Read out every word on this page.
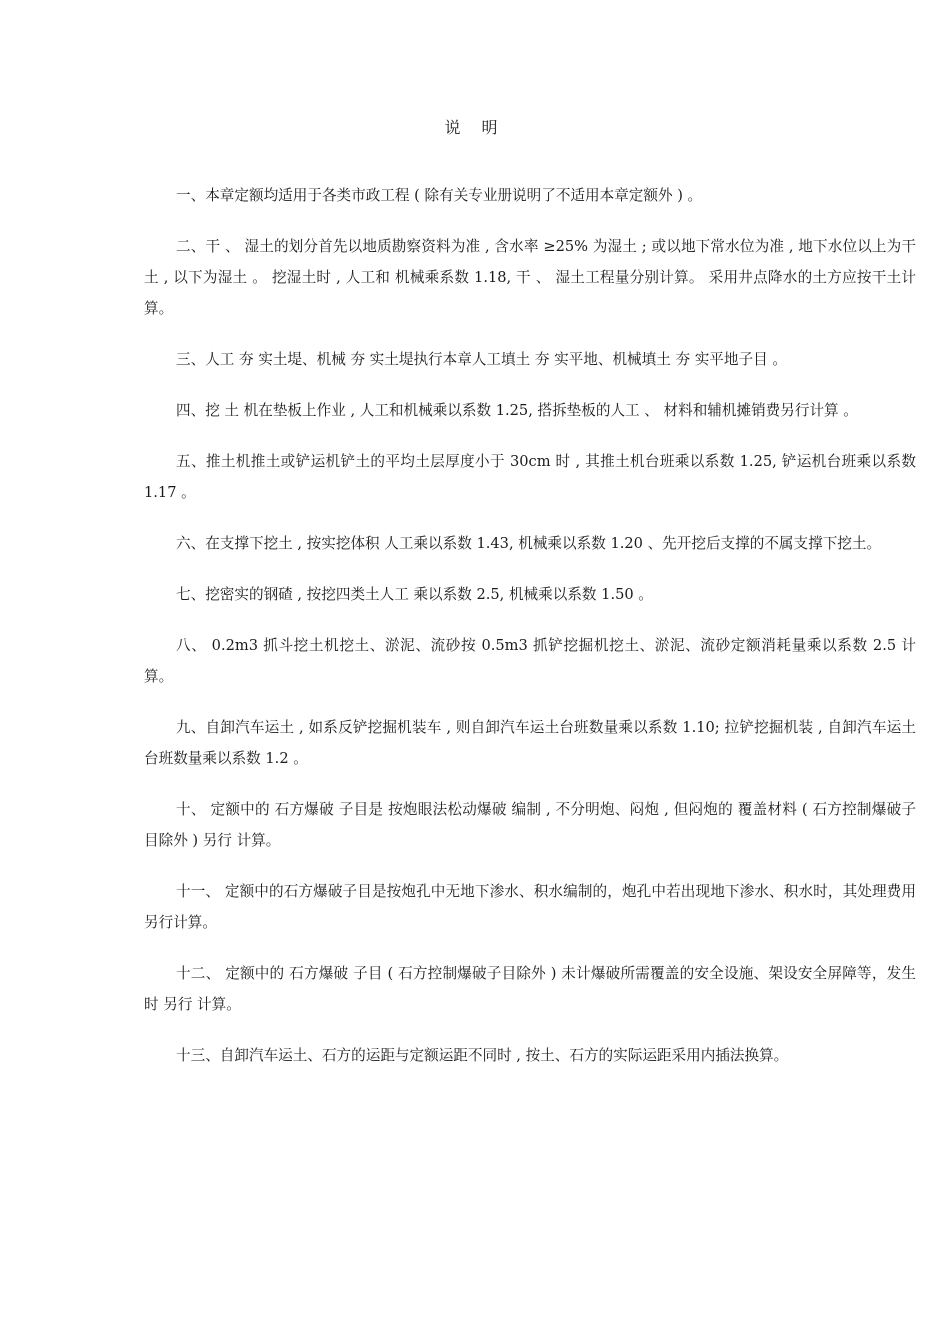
说 明

一、本章定额均适用于各类市政工程 ( 除有关专业册说明了不适用本章定额外 ) 。

二、干 、 湿土的划分首先以地质勘察资料为准 , 含水率 ≥25% 为湿土 ; 或以地下常水位为准 , 地下水位以上为干土 , 以下为湿土 。 挖湿土时 , 人工和 机械乘系数 1.18, 干 、 湿土工程量分别计算。 采用井点降水的土方应按干土计算。

三、人工 夯 实土堤、机械 夯 实土堤执行本章人工填土 夯 实平地、机械填土 夯 实平地子目 。

四、挖 土 机在垫板上作业 , 人工和机械乘以系数 1.25, 搭拆垫板的人工 、 材料和辅机摊销费另行计算 。

五、推土机推土或铲运机铲土的平均土层厚度小于 30cm 时 , 其推土机台班乘以系数 1.25, 铲运机台班乘以系数 1.17 。

六、在支撑下挖土 , 按实挖体积 人工乘以系数 1.43, 机械乘以系数 1.20 、先开挖后支撑的不属支撑下挖土。

七、挖密实的钢碴 , 按挖四类土人工 乘以系数 2.5, 机械乘以系数 1.50 。

八、 0.2m3 抓斗挖土机挖土、淤泥、流砂按 0.5m3 抓铲挖掘机挖土、淤泥、流砂定额消耗量乘以系数 2.5 计算。

九、自卸汽车运土 , 如系反铲挖掘机装车 , 则自卸汽车运土台班数量乘以系数 1.10; 拉铲挖掘机装 , 自卸汽车运土台班数量乘以系数 1.2 。

十、 定额中的 石方爆破 子目是 按炮眼法松动爆破 编制 , 不分明炮、闷炮 , 但闷炮的 覆盖材料 ( 石方控制爆破子目除外 ) 另行 计算。

十一、 定额中的石方爆破子目是按炮孔中无地下渗水、积水编制的，炮孔中若出现地下渗水、积水时，其处理费用 另行计算。

十二、 定额中的 石方爆破 子目 ( 石方控制爆破子目除外 ) 未计爆破所需覆盖的安全设施、架设安全屏障等，发生时 另行 计算。

十三、自卸汽车运土、石方的运距与定额运距不同时 , 按土、石方的实际运距采用内插法换算。
